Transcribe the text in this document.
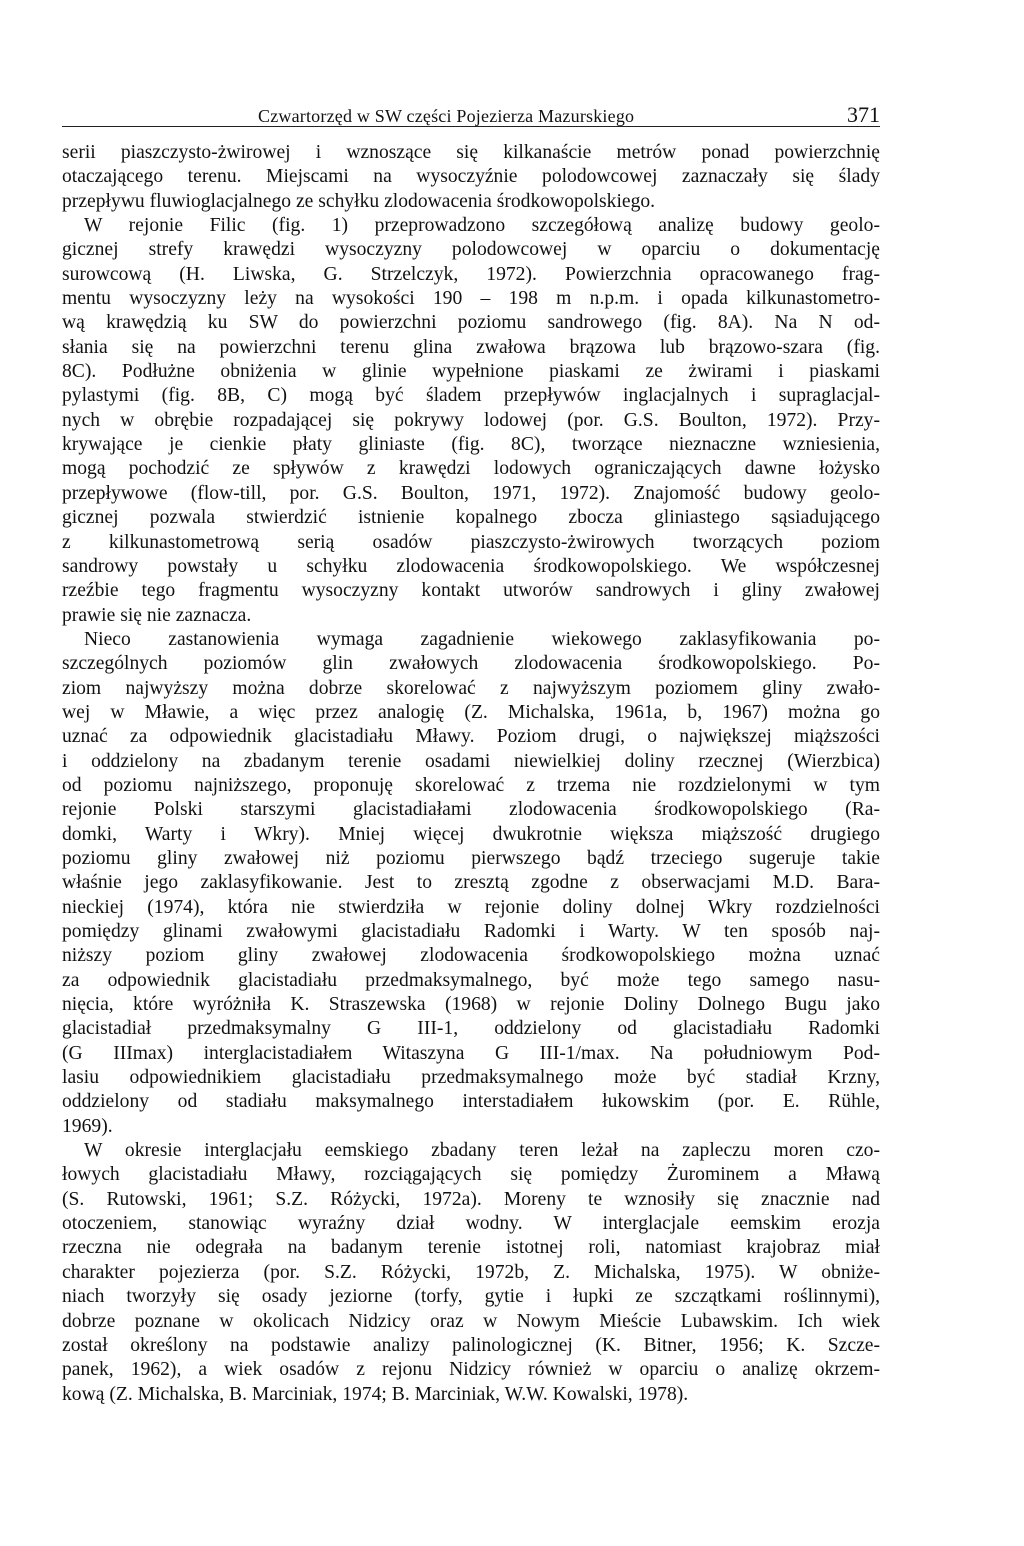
Czwartorzęd w SW części Pojezierza Mazurskiego	371
serii piaszczysto-żwirowej i wznoszące się kilkanaście metrów ponad powierzchnię
otaczającego terenu. Miejscami na wysoczyźnie polodowcowej zaznaczały się ślady
przepływu fluwioglacjalnego ze schyłku zlodowacenia środkowopolskiego.
W rejonie Filic (fig. 1) przeprowadzono szczegółową analizę budowy geolo-
gicznej strefy krawędzi wysoczyzny polodowcowej w oparciu o dokumentację
surowcową (H. Liwska, G. Strzelczyk, 1972). Powierzchnia opracowanego frag-
mentu wysoczyzny leży na wysokości 190 – 198 m n.p.m. i opada kilkunastometro-
wą krawędzią ku SW do powierzchni poziomu sandrowego (fig. 8A). Na N od-
słania się na powierzchni terenu glina zwałowa brązowa lub brązowo-szara (fig.
8C). Podłużne obniżenia w glinie wypełnione piaskami ze żwirami i piaskami
pylastymi (fig. 8B, C) mogą być śladem przepływów inglacjalnych i supraglacjal-
nych w obrębie rozpadającej się pokrywy lodowej (por. G.S. Boulton, 1972). Przy-
krywające je cienkie płaty gliniaste (fig. 8C), tworzące nieznaczne wzniesienia,
mogą pochodzić ze spływów z krawędzi lodowych ograniczających dawne łożysko
przepływowe (flow-till, por. G.S. Boulton, 1971, 1972). Znajomość budowy geolo-
gicznej pozwala stwierdzić istnienie kopalnego zbocza gliniastego sąsiadującego
z kilkunastometrową serią osadów piaszczysto-żwirowych tworzących poziom
sandrowy powstały u schyłku zlodowacenia środkowopolskiego. We współczesnej
rzeźbie tego fragmentu wysoczyzny kontakt utworów sandrowych i gliny zwałowej
prawie się nie zaznacza.
Nieco zastanowienia wymaga zagadnienie wiekowego zaklasyfikowania po-
szczególnych poziomów glin zwałowych zlodowacenia środkowopolskiego. Po-
ziom najwyższy można dobrze skorelować z najwyższym poziomem gliny zwało-
wej w Mławie, a więc przez analogię (Z. Michalska, 1961a, b, 1967) można go
uznać za odpowiednik glacistadiału Mławy. Poziom drugi, o największej miąższości
i oddzielony na zbadanym terenie osadami niewielkiej doliny rzecznej (Wierzbica)
od poziomu najniższego, proponuję skorelować z trzema nie rozdzielonymi w tym
rejonie Polski starszymi glacistadiałami zlodowacenia środkowopolskiego (Ra-
domki, Warty i Wkry). Mniej więcej dwukrotnie większa miąższość drugiego
poziomu gliny zwałowej niż poziomu pierwszego bądź trzeciego sugeruje takie
właśnie jego zaklasyfikowanie. Jest to zresztą zgodne z obserwacjami M.D. Bara-
nieckiej (1974), która nie stwierdziła w rejonie doliny dolnej Wkry rozdzielności
pomiędzy glinami zwałowymi glacistadiału Radomki i Warty. W ten sposób naj-
niższy poziom gliny zwałowej zlodowacenia środkowopolskiego można uznać
za odpowiednik glacistadiału przedmaksymalnego, być może tego samego nasu-
nięcia, które wyróżniła K. Straszewska (1968) w rejonie Doliny Dolnego Bugu jako
glacistadiał przedmaksymalny G III-1, oddzielony od glacistadiału Radomki
(G IIImax) interglacistadiałem Witaszyna G III-1/max. Na południowym Pod-
lasiu odpowiednikiem glacistadiału przedmaksymalnego może być stadiał Krzny,
oddzielony od stadiału maksymalnego interstadiałem łukowskim (por. E. Rühle,
1969).
W okresie interglacjału eemskiego zbadany teren leżał na zapleczu moren czo-
łowych glacistadiału Mławy, rozciągających się pomiędzy Żurominem a Mławą
(S. Rutowski, 1961; S.Z. Różycki, 1972a). Moreny te wznosiły się znacznie nad
otoczeniem, stanowiąc wyraźny dział wodny. W interglacjale eemskim erozja
rzeczna nie odegrała na badanym terenie istotnej roli, natomiast krajobraz miał
charakter pojezierza (por. S.Z. Różycki, 1972b, Z. Michalska, 1975). W obniże-
niach tworzyły się osady jeziorne (torfy, gytie i łupki ze szczątkami roślinnymi),
dobrze poznane w okolicach Nidzicy oraz w Nowym Mieście Lubawskim. Ich wiek
został określony na podstawie analizy palinologicznej (K. Bitner, 1956; K. Szcze-
panek, 1962), a wiek osadów z rejonu Nidzicy również w oparciu o analizę okrzem-
kową (Z. Michalska, B. Marciniak, 1974; B. Marciniak, W.W. Kowalski, 1978).
